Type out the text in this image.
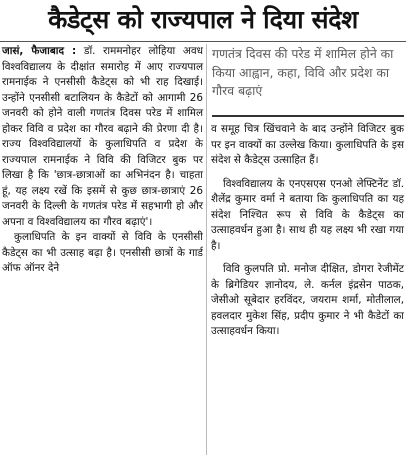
कैडेट्स को राज्यपाल ने दिया संदेश

जासं, फैजाबाद : डॉ. राममनोहर लोहिया अवध विश्वविद्यालय के दीक्षांत समारोह में आए राज्यपाल रामनाईक ने एनसीसी कैडेट्स को भी राह दिखाई। उन्होंने एनसीसी बटालियन के कैडेटों को आगामी 26 जनवरी को होने वाली गणतंत्र दिवस परेड में शामिल होकर विवि व प्रदेश का गौरव बढ़ाने की प्रेरणा दी है। राज्य विश्वविद्यालयों के कुलाधिपति व प्रदेश के राज्यपाल रामनाईक ने विवि की विजिटर बुक पर लिखा है कि 'छात्र-छात्राओं का अभिनंदन है। चाहता हूं, यह लक्ष्य रखें कि इसमें से कुछ छात्र-छात्राएं 26 जनवरी के दिल्ली के गणतंत्र परेड में सहभागी हो और अपना व विश्वविद्यालय का गौरव बढ़ाएं'।

कुलाधिपति के इन वाक्यों से विवि के एनसीसी कैडेट्स का भी उत्साह बढ़ा है। एनसीसी छात्रों के गार्ड ऑफ ऑनर देने

गणतंत्र दिवस की परेड में शामिल होने का किया आह्वान, कहा, विवि और प्रदेश का गौरव बढ़ाएं

व समूह चित्र खिंचवाने के बाद उन्होंने विजिटर बुक पर इन वाक्यों का उल्लेख किया। कुलाधिपति के इस संदेश से कैडेट्स उत्साहित हैं।

विश्वविद्यालय के एनएसएस एनओ लेफ्टिनेंट डॉ. शैलेंद्र कुमार वर्मा ने बताया कि कुलाधिपति का यह संदेश निश्चित रूप से विवि के कैडेट्स का उत्साहवर्धन हुआ है। साथ ही यह लक्ष्य भी रखा गया है।

विवि कुलपति प्रो. मनोज दीक्षित, डोगरा रेजीमेंट के ब्रिगेडियर ज्ञानोदय, ले. कर्नल इंद्रसेन पाठक, जेसीओ सूबेदार हरविंदर, जयराम शर्मा, मोतीलाल, हवलदार मुकेश सिंह, प्रदीप कुमार ने भी कैडेटों का उत्साहवर्धन किया।
